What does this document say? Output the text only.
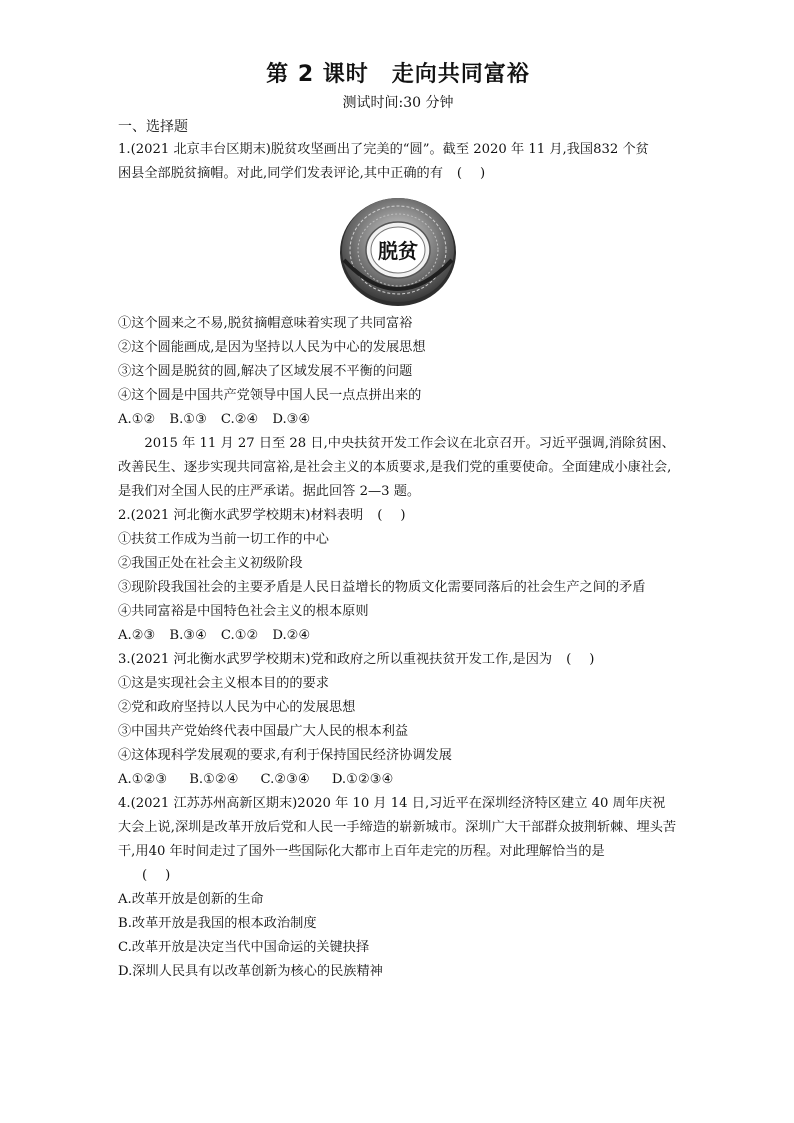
第 2 课时　走向共同富裕
测试时间:30 分钟
一、选择题
1.(2021 北京丰台区期末)脱贫攻坚画出了完美的“圆”。截至 2020 年 11 月,我国832 个贫
困县全部脱贫摘帽。对此,同学们发表评论,其中正确的有 ()
脱贫
①这个圆来之不易,脱贫摘帽意味着实现了共同富裕
②这个圆能画成,是因为坚持以人民为中心的发展思想
③这个圆是脱贫的圆,解决了区域发展不平衡的问题
④这个圆是中国共产党领导中国人民一点点拼出来的
A.①② B.①③ C.②④ D.③④

2015 年 11 月 27 日至 28 日,中央扶贫开发工作会议在北京召开。习近平强调,消除贫困、改善民生、逐步实现共同富裕,是社会主义的本质要求,是我们党的重要使命。全面建成小康社会,是我们对全国人民的庄严承诺。据此回答 2—3 题。

2.(2021 河北衡水武罗学校期末)材料表明 ()
①扶贫工作成为当前一切工作的中心
②我国正处在社会主义初级阶段
③现阶段我国社会的主要矛盾是人民日益增长的物质文化需要同落后的社会生产之间的矛盾
④共同富裕是中国特色社会主义的根本原则
A.②③ B.③④ C.①② D.②④
3.(2021 河北衡水武罗学校期末)党和政府之所以重视扶贫开发工作,是因为 ()
①这是实现社会主义根本目的的要求
②党和政府坚持以人民为中心的发展思想
③中国共产党始终代表中国最广大人民的根本利益
④这体现科学发展观的要求,有利于保持国民经济协调发展
A.①②③ B.①②④ C.②③④ D.①②③④

4.(2021 江苏苏州高新区期末)2020 年 10 月 14 日,习近平在深圳经济特区建立 40 周年庆祝大会上说,深圳是改革开放后党和人民一手缔造的崭新城市。深圳广大干部群众披荆斩棘、埋头苦干,用40 年时间走过了国外一些国际化大都市上百年走完的历程。对此理解恰当的是
()

A.改革开放是创新的生命
B.改革开放是我国的根本政治制度
C.改革开放是决定当代中国命运的关键抉择
D.深圳人民具有以改革创新为核心的民族精神
